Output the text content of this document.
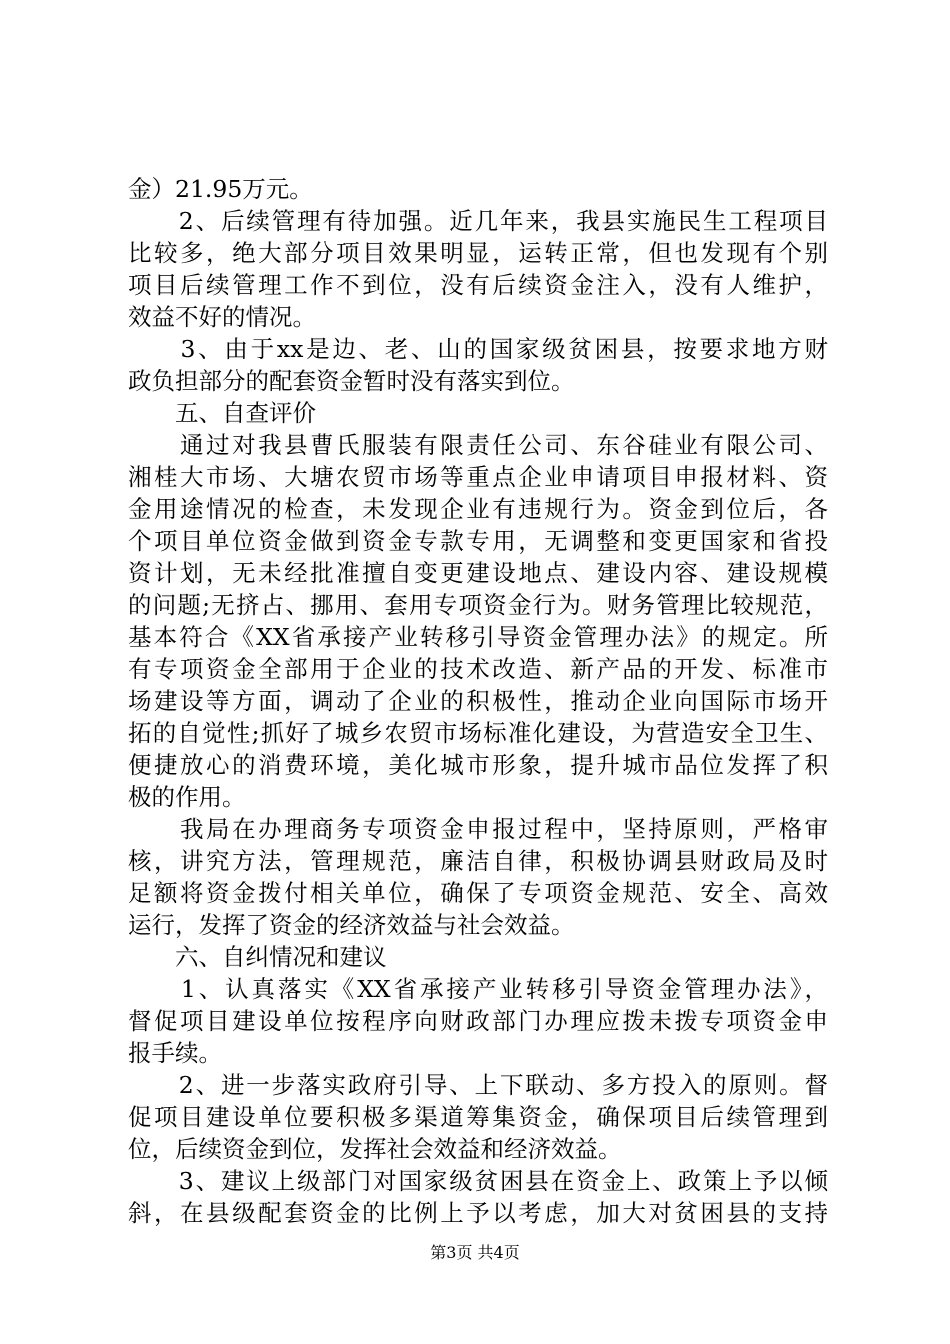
金）21.95万元。
　　2、后续管理有待加强。近几年来，我县实施民生工程项目
比较多，绝大部分项目效果明显，运转正常，但也发现有个别
项目后续管理工作不到位，没有后续资金注入，没有人维护，
效益不好的情况。
　　3、由于xx是边、老、山的国家级贫困县，按要求地方财
政负担部分的配套资金暂时没有落实到位。
　　五、自查评价
　　通过对我县曹氏服装有限责任公司、东谷硅业有限公司、
湘桂大市场、大塘农贸市场等重点企业申请项目申报材料、资
金用途情况的检查，未发现企业有违规行为。资金到位后，各
个项目单位资金做到资金专款专用，无调整和变更国家和省投
资计划，无未经批准擅自变更建设地点、建设内容、建设规模
的问题;无挤占、挪用、套用专项资金行为。财务管理比较规范，
基本符合《XX省承接产业转移引导资金管理办法》的规定。所
有专项资金全部用于企业的技术改造、新产品的开发、标准市
场建设等方面，调动了企业的积极性，推动企业向国际市场开
拓的自觉性;抓好了城乡农贸市场标准化建设，为营造安全卫生、
便捷放心的消费环境，美化城市形象，提升城市品位发挥了积
极的作用。
　　我局在办理商务专项资金申报过程中，坚持原则，严格审
核，讲究方法，管理规范，廉洁自律，积极协调县财政局及时
足额将资金拨付相关单位，确保了专项资金规范、安全、高效
运行，发挥了资金的经济效益与社会效益。
　　六、自纠情况和建议
　　1、认真落实《XX省承接产业转移引导资金管理办法》，
督促项目建设单位按程序向财政部门办理应拨未拨专项资金申
报手续。
　　2、进一步落实政府引导、上下联动、多方投入的原则。督
促项目建设单位要积极多渠道筹集资金，确保项目后续管理到
位，后续资金到位，发挥社会效益和经济效益。
　　3、建议上级部门对国家级贫困县在资金上、政策上予以倾
斜，在县级配套资金的比例上予以考虑，加大对贫困县的支持
第3页 共4页
